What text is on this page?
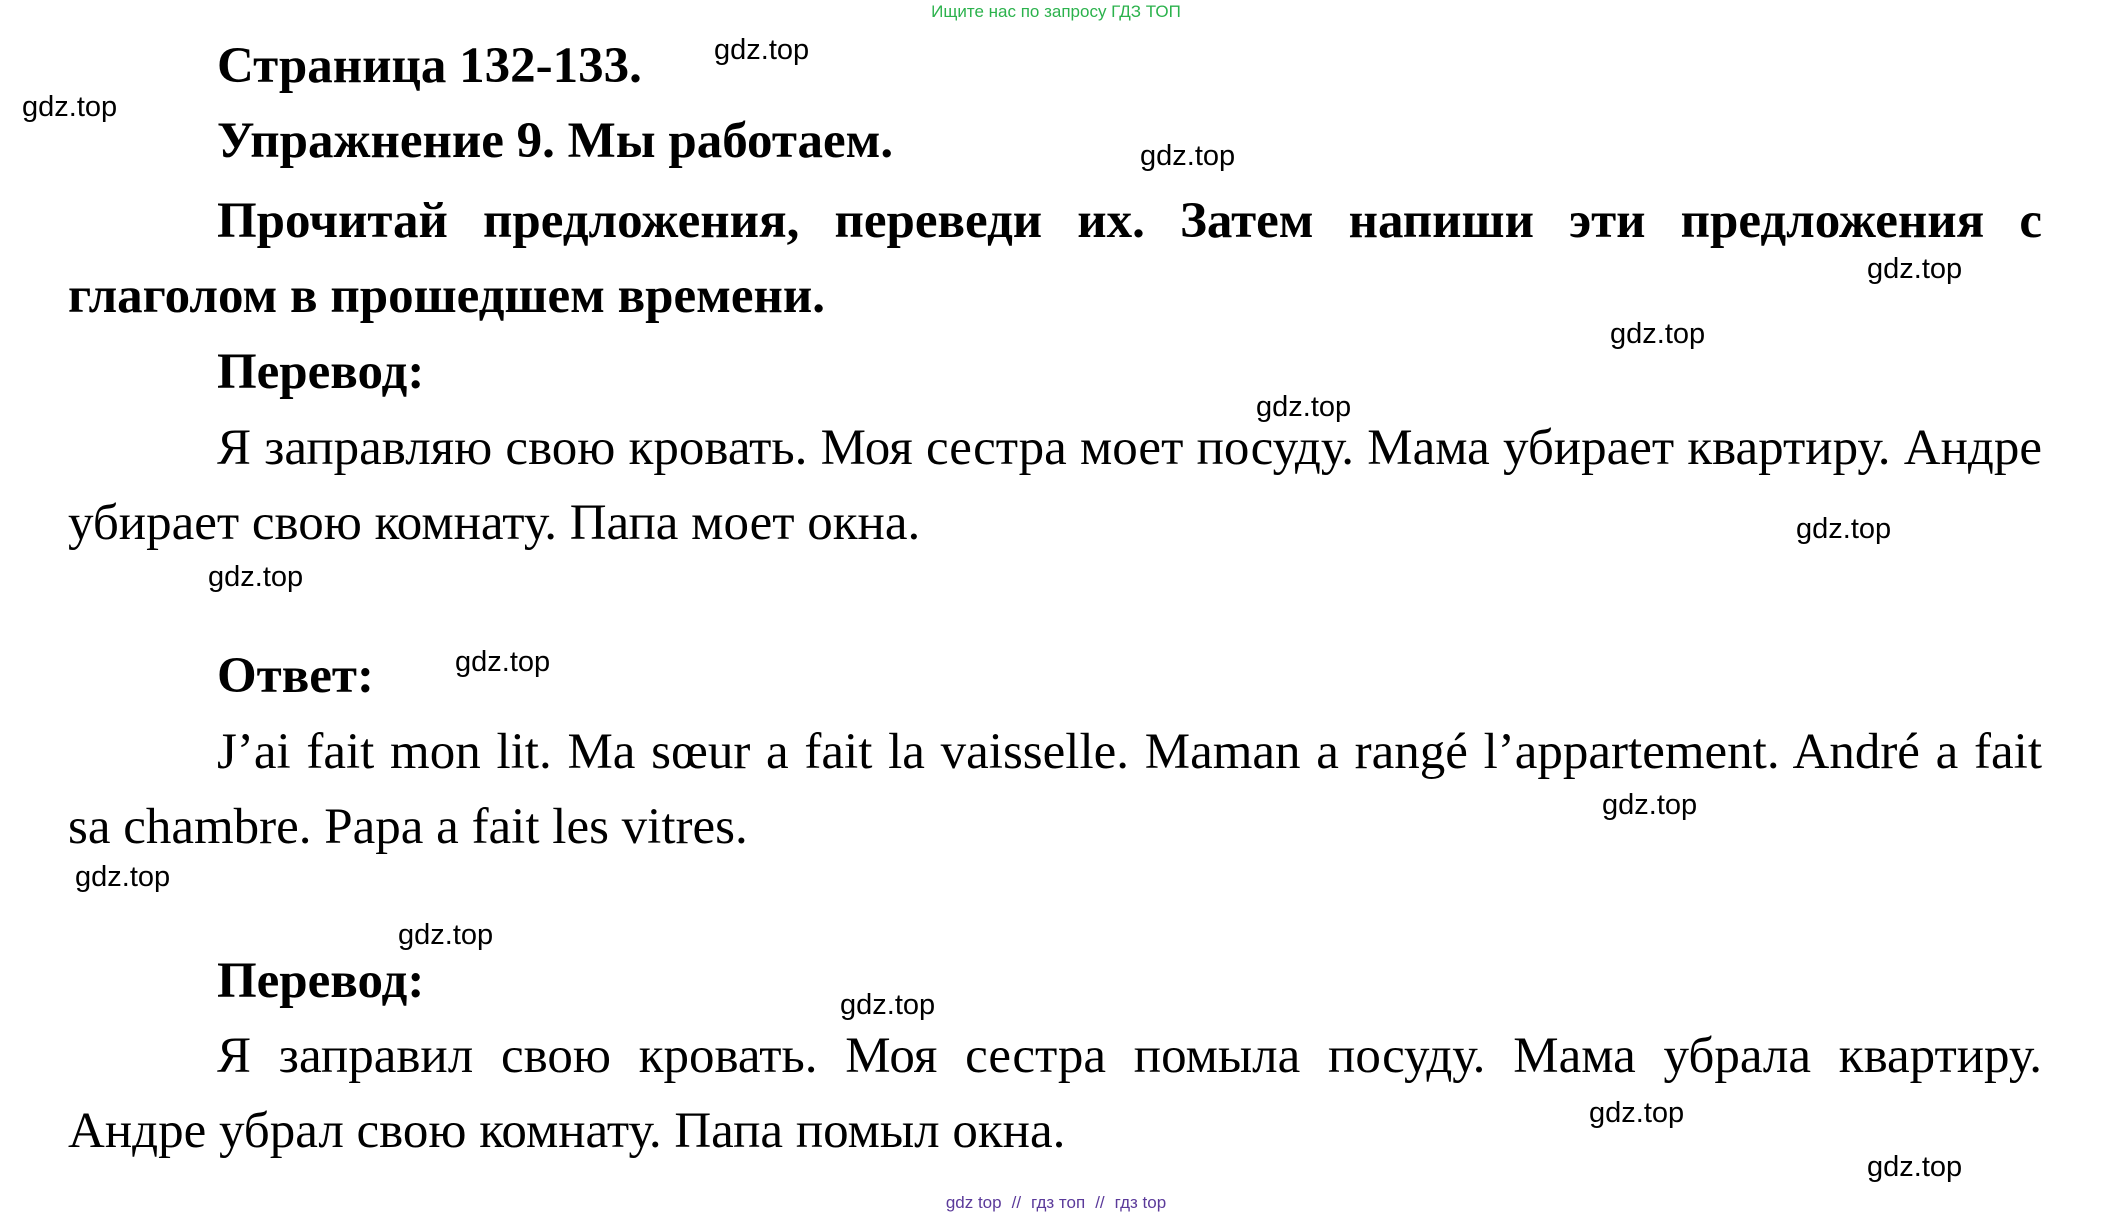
Ищите нас по запросу ГДЗ ТОП
Страница 132-133.
Упражнение 9. Мы работаем.
Прочитай предложения, переведи их. Затем напиши эти предложения с глаголом в прошедшем времени.
Перевод:
Я заправляю свою кровать. Моя сестра моет посуду. Мама убирает квартиру. Андре убирает свою комнату. Папа моет окна.
Ответ:
J’ai fait mon lit. Ma sœur a fait la vaisselle. Maman a rangé l’appartement. André a fait sa chambre. Papa a fait les vitres.
Перевод:
Я заправил свою кровать. Моя сестра помыла посуду. Мама убрала квартиру. Андре убрал свою комнату. Папа помыл окна.
gdz.top
gdz.top
gdz.top
gdz.top
gdz.top
gdz.top
gdz.top
gdz.top
gdz.top
gdz.top
gdz.top
gdz.top
gdz.top
gdz.top
gdz.top
gdz top // гдз топ // гдз top
